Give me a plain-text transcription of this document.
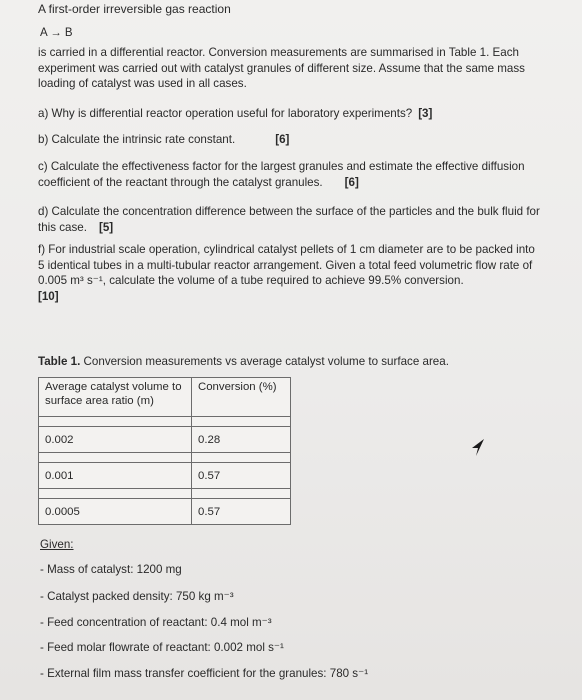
A first-order irreversible gas reaction
A → B

is carried in a differential reactor. Conversion measurements are summarised in Table 1. Each experiment was carried out with catalyst granules of different size. Assume that the same mass loading of catalyst was used in all cases.

a) Why is differential reactor operation useful for laboratory experiments? [3]

b) Calculate the intrinsic rate constant.	[6]

c) Calculate the effectiveness factor for the largest granules and estimate the effective diffusion coefficient of the reactant through the catalyst granules. [6]

d) Calculate the concentration difference between the surface of the particles and the bulk fluid for this case. [5]

f) For industrial scale operation, cylindrical catalyst pellets of 1 cm diameter are to be packed into 5 identical tubes in a multi-tubular reactor arrangement. Given a total feed volumetric flow rate of 0.005 m³ s⁻¹, calculate the volume of a tube required to achieve 99.5% conversion.
[10]

Table 1. Conversion measurements vs average catalyst volume to surface area.
Average catalyst volume to surface area ratio (m)	Conversion (%)

0.002	0.28

0.001	0.57

0.0005	0.57
Given:
- Mass of catalyst: 1200 mg
- Catalyst packed density: 750 kg m⁻³
- Feed concentration of reactant: 0.4 mol m⁻³
- Feed molar flowrate of reactant: 0.002 mol s⁻¹
- External film mass transfer coefficient for the granules: 780 s⁻¹
